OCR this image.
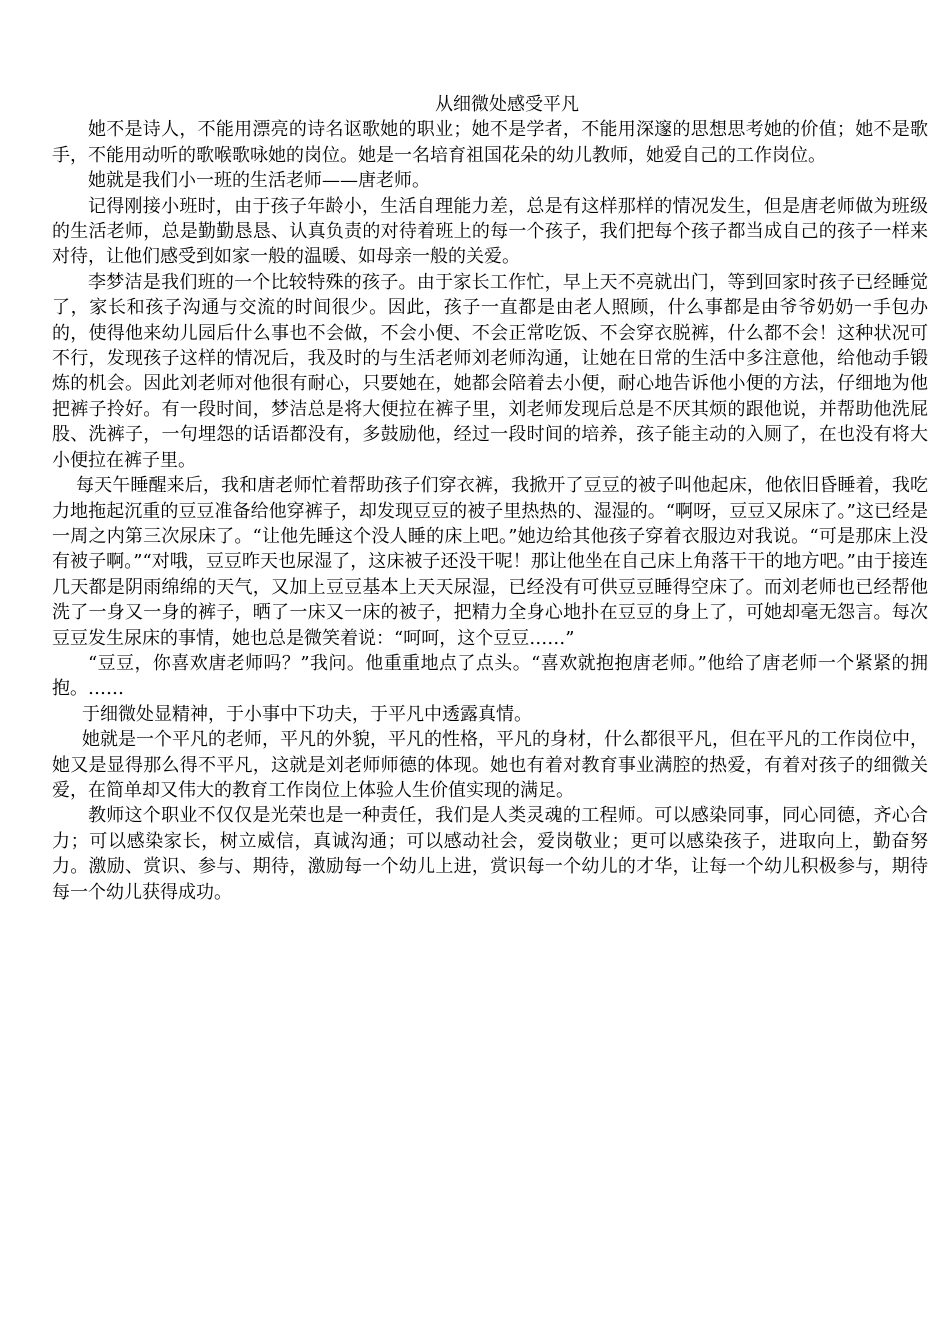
从细微处感受平凡

她不是诗人，不能用漂亮的诗名讴歌她的职业；她不是学者，不能用深邃的思想思考她的价值；她不是歌手，不能用动听的歌喉歌咏她的岗位。她是一名培育祖国花朵的幼儿教师，她爱自己的工作岗位。

她就是我们小一班的生活老师——唐老师。

记得刚接小班时，由于孩子年龄小，生活自理能力差，总是有这样那样的情况发生，但是唐老师做为班级的生活老师，总是勤勤恳恳、认真负责的对待着班上的每一个孩子，我们把每个孩子都当成自己的孩子一样来对待，让他们感受到如家一般的温暖、如母亲一般的关爱。

李梦洁是我们班的一个比较特殊的孩子。由于家长工作忙，早上天不亮就出门，等到回家时孩子已经睡觉了，家长和孩子沟通与交流的时间很少。因此，孩子一直都是由老人照顾，什么事都是由爷爷奶奶一手包办的，使得他来幼儿园后什么事也不会做，不会小便、不会正常吃饭、不会穿衣脱裤，什么都不会！这种状况可不行，发现孩子这样的情况后，我及时的与生活老师刘老师沟通，让她在日常的生活中多注意他，给他动手锻炼的机会。因此刘老师对他很有耐心，只要她在，她都会陪着去小便，耐心地告诉他小便的方法，仔细地为他把裤子拎好。有一段时间，梦洁总是将大便拉在裤子里，刘老师发现后总是不厌其烦的跟他说，并帮助他洗屁股、洗裤子，一句埋怨的话语都没有，多鼓励他，经过一段时间的培养，孩子能主动的入厕了，在也没有将大小便拉在裤子里。

每天午睡醒来后，我和唐老师忙着帮助孩子们穿衣裤，我掀开了豆豆的被子叫他起床，他依旧昏睡着，我吃力地拖起沉重的豆豆准备给他穿裤子，却发现豆豆的被子里热热的、湿湿的。“啊呀，豆豆又尿床了。”这已经是一周之内第三次尿床了。“让他先睡这个没人睡的床上吧。”她边给其他孩子穿着衣服边对我说。“可是那床上没有被子啊。”“对哦，豆豆昨天也尿湿了，这床被子还没干呢！那让他坐在自己床上角落干干的地方吧。”由于接连几天都是阴雨绵绵的天气，又加上豆豆基本上天天尿湿，已经没有可供豆豆睡得空床了。而刘老师也已经帮他洗了一身又一身的裤子，晒了一床又一床的被子，把精力全身心地扑在豆豆的身上了，可她却毫无怨言。每次豆豆发生尿床的事情，她也总是微笑着说：“呵呵，这个豆豆……”

“豆豆，你喜欢唐老师吗？”我问。他重重地点了点头。“喜欢就抱抱唐老师。”他给了唐老师一个紧紧的拥抱。……

于细微处显精神，于小事中下功夫，于平凡中透露真情。

她就是一个平凡的老师，平凡的外貌，平凡的性格，平凡的身材，什么都很平凡，但在平凡的工作岗位中，她又是显得那么得不平凡，这就是刘老师师德的体现。她也有着对教育事业满腔的热爱，有着对孩子的细微关爱，在简单却又伟大的教育工作岗位上体验人生价值实现的满足。

教师这个职业不仅仅是光荣也是一种责任，我们是人类灵魂的工程师。可以感染同事，同心同德，齐心合力；可以感染家长，树立威信，真诚沟通；可以感动社会，爱岗敬业；更可以感染孩子，进取向上，勤奋努力。激励、赏识、参与、期待，激励每一个幼儿上进，赏识每一个幼儿的才华，让每一个幼儿积极参与，期待每一个幼儿获得成功。
